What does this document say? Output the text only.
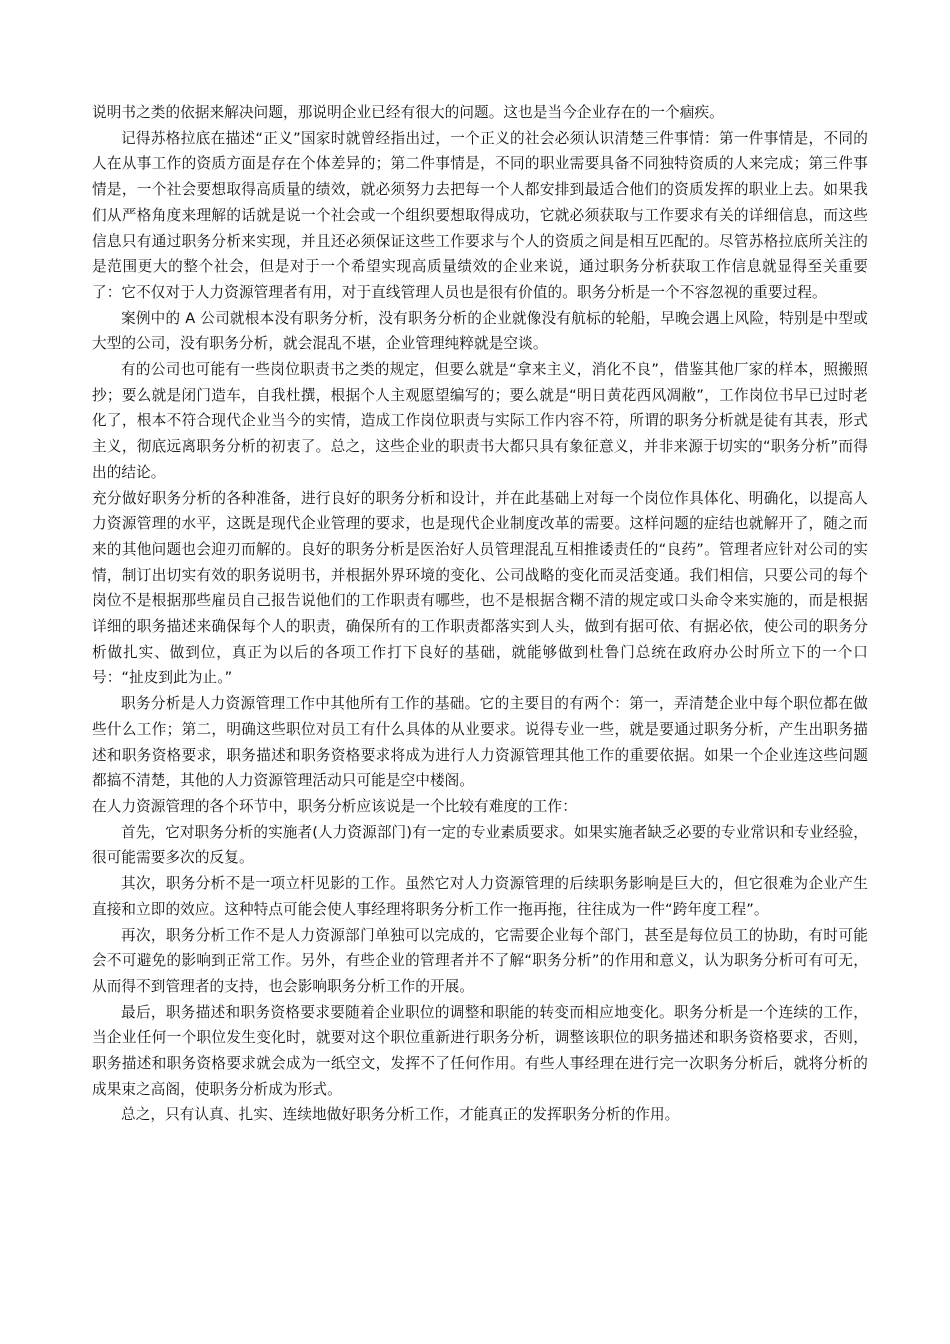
说明书之类的依据来解决问题，那说明企业已经有很大的问题。这也是当今企业存在的一个痼疾。

记得苏格拉底在描述“正义”国家时就曾经指出过，一个正义的社会必须认识清楚三件事情：第一件事情是，不同的人在从事工作的资质方面是存在个体差异的；第二件事情是，不同的职业需要具备不同独特资质的人来完成；第三件事情是，一个社会要想取得高质量的绩效，就必须努力去把每一个人都安排到最适合他们的资质发挥的职业上去。如果我们从严格角度来理解的话就是说一个社会或一个组织要想取得成功，它就必须获取与工作要求有关的详细信息，而这些信息只有通过职务分析来实现，并且还必须保证这些工作要求与个人的资质之间是相互匹配的。尽管苏格拉底所关注的是范围更大的整个社会，但是对于一个希望实现高质量绩效的企业来说，通过职务分析获取工作信息就显得至关重要了：它不仅对于人力资源管理者有用，对于直线管理人员也是很有价值的。职务分析是一个不容忽视的重要过程。

案例中的 A 公司就根本没有职务分析，没有职务分析的企业就像没有航标的轮船，早晚会遇上风险，特别是中型或大型的公司，没有职务分析，就会混乱不堪，企业管理纯粹就是空谈。

有的公司也可能有一些岗位职责书之类的规定，但要么就是“拿来主义，消化不良”，借鉴其他厂家的样本，照搬照抄；要么就是闭门造车，自我杜撰，根据个人主观愿望编写的；要么就是“明日黄花西风凋敝”，工作岗位书早已过时老化了，根本不符合现代企业当今的实情，造成工作岗位职责与实际工作内容不符，所谓的职务分析就是徒有其表，形式主义，彻底远离职务分析的初衷了。总之，这些企业的职责书大都只具有象征意义，并非来源于切实的“职务分析”而得出的结论。

充分做好职务分析的各种准备，进行良好的职务分析和设计，并在此基础上对每一个岗位作具体化、明确化，以提高人力资源管理的水平，这既是现代企业管理的要求，也是现代企业制度改革的需要。这样问题的症结也就解开了，随之而来的其他问题也会迎刃而解的。良好的职务分析是医治好人员管理混乱互相推诿责任的“良药”。管理者应针对公司的实情，制订出切实有效的职务说明书，并根据外界环境的变化、公司战略的变化而灵活变通。我们相信，只要公司的每个岗位不是根据那些雇员自己报告说他们的工作职责有哪些，也不是根据含糊不清的规定或口头命令来实施的，而是根据详细的职务描述来确保每个人的职责，确保所有的工作职责都落实到人头，做到有据可依、有据必依，使公司的职务分析做扎实、做到位，真正为以后的各项工作打下良好的基础，就能够做到杜鲁门总统在政府办公时所立下的一个口号：“扯皮到此为止。”

职务分析是人力资源管理工作中其他所有工作的基础。它的主要目的有两个：第一，弄清楚企业中每个职位都在做些什么工作；第二，明确这些职位对员工有什么具体的从业要求。说得专业一些，就是要通过职务分析，产生出职务描述和职务资格要求，职务描述和职务资格要求将成为进行人力资源管理其他工作的重要依据。如果一个企业连这些问题都搞不清楚，其他的人力资源管理活动只可能是空中楼阁。

在人力资源管理的各个环节中，职务分析应该说是一个比较有难度的工作：

首先，它对职务分析的实施者(人力资源部门)有一定的专业素质要求。如果实施者缺乏必要的专业常识和专业经验，很可能需要多次的反复。

其次，职务分析不是一项立杆见影的工作。虽然它对人力资源管理的后续职务影响是巨大的，但它很难为企业产生直接和立即的效应。这种特点可能会使人事经理将职务分析工作一拖再拖，往往成为一件“跨年度工程”。

再次，职务分析工作不是人力资源部门单独可以完成的，它需要企业每个部门，甚至是每位员工的协助，有时可能会不可避免的影响到正常工作。另外，有些企业的管理者并不了解“职务分析”的作用和意义，认为职务分析可有可无，从而得不到管理者的支持，也会影响职务分析工作的开展。

最后，职务描述和职务资格要求要随着企业职位的调整和职能的转变而相应地变化。职务分析是一个连续的工作，当企业任何一个职位发生变化时，就要对这个职位重新进行职务分析，调整该职位的职务描述和职务资格要求，否则，职务描述和职务资格要求就会成为一纸空文，发挥不了任何作用。有些人事经理在进行完一次职务分析后，就将分析的成果束之高阁，使职务分析成为形式。

总之，只有认真、扎实、连续地做好职务分析工作，才能真正的发挥职务分析的作用。
